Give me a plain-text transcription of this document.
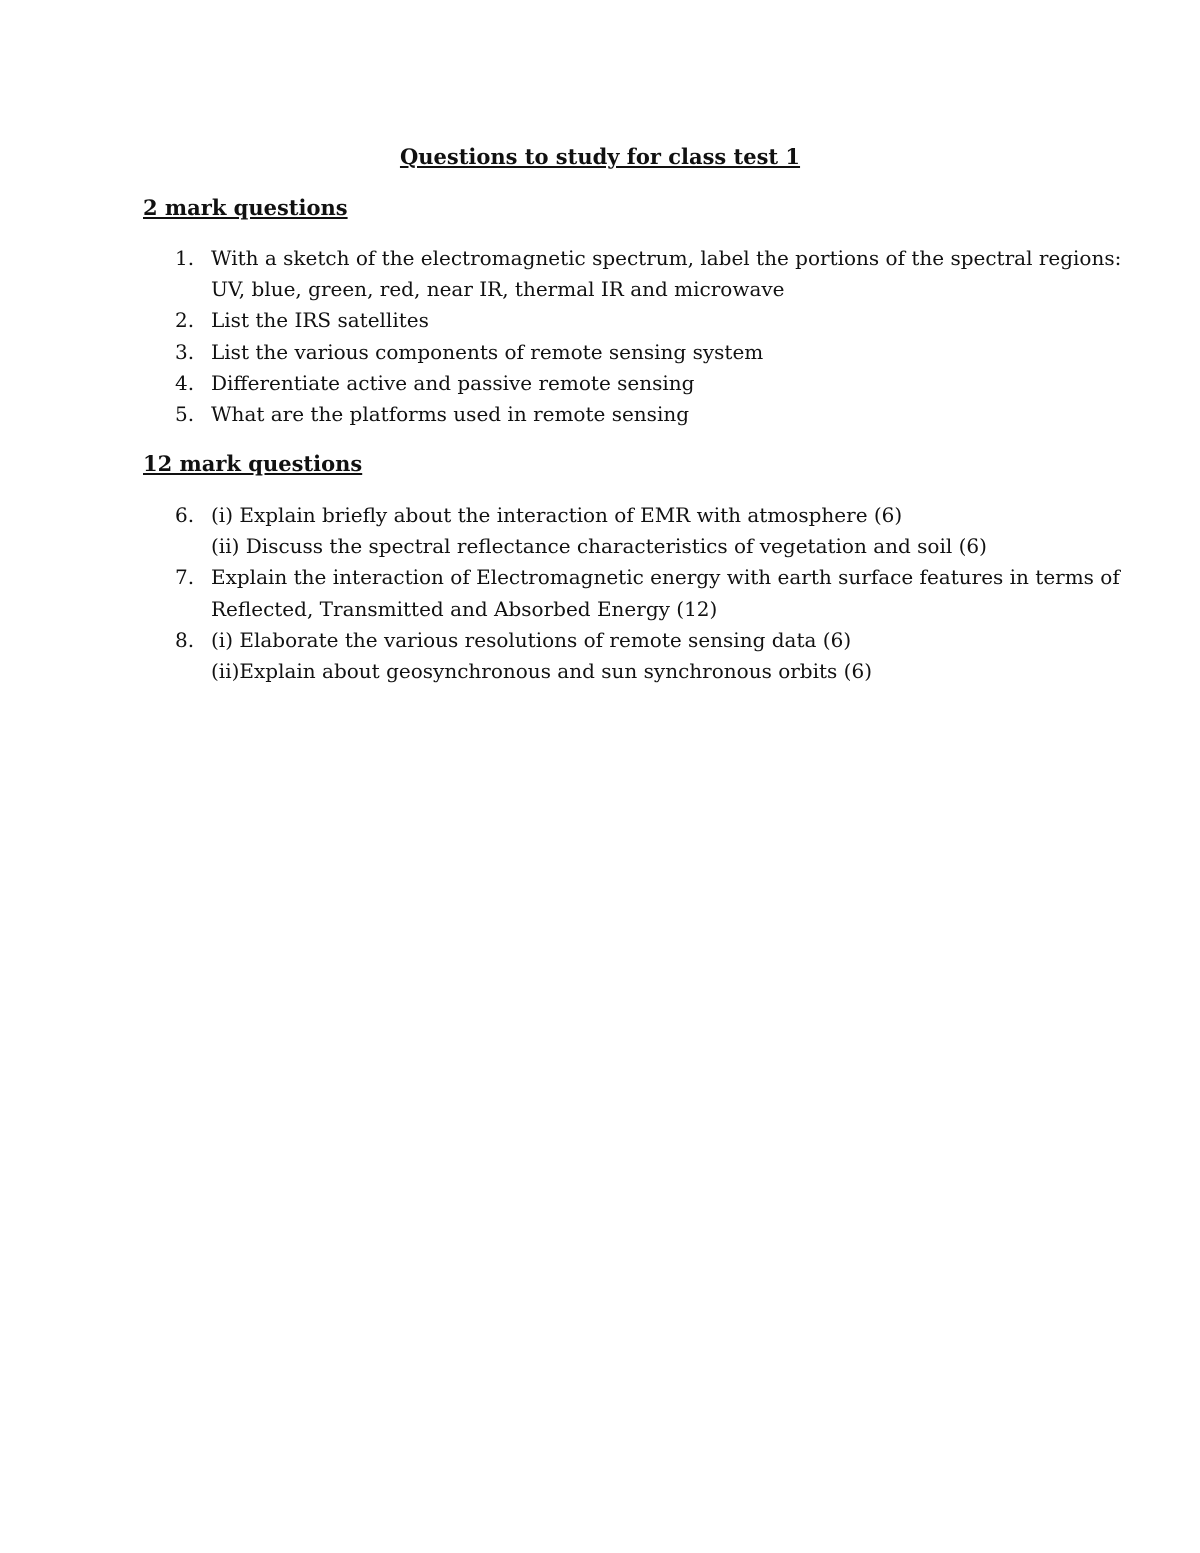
Questions to study for class test 1
2 mark questions
1. With a sketch of the electromagnetic spectrum, label the portions of the spectral regions:
UV, blue, green, red, near IR, thermal IR and microwave
2. List the IRS satellites
3. List the various components of remote sensing system
4. Differentiate active and passive remote sensing
5. What are the platforms used in remote sensing
12 mark questions
6. (i) Explain briefly about the interaction of EMR with atmosphere (6)
(ii) Discuss the spectral reflectance characteristics of vegetation and soil (6)
7. Explain the interaction of Electromagnetic energy with earth surface features in terms of
Reflected, Transmitted and Absorbed Energy (12)
8. (i) Elaborate the various resolutions of remote sensing data (6)
(ii)Explain about geosynchronous and sun synchronous orbits (6)
